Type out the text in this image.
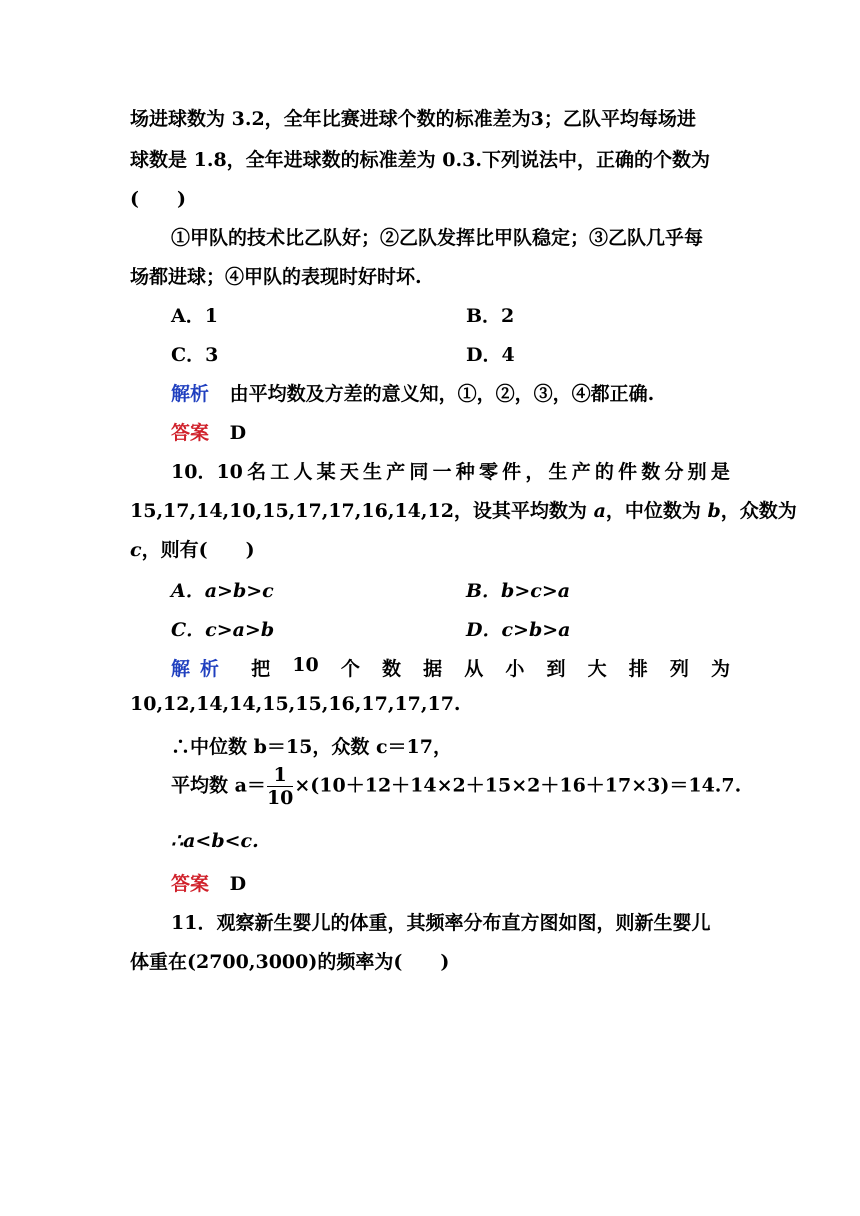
场进球数为 3.2，全年比赛进球个数的标准差为3；乙队平均每场进
球数是 1.8，全年进球数的标准差为 0.3.下列说法中，正确的个数为
(　　)
①甲队的技术比乙队好；②乙队发挥比甲队稳定；③乙队几乎每
场都进球；④甲队的表现时好时坏.
A．1	B．2
C．3	D．4
解析 由平均数及方差的意义知，①，②，③，④都正确.
答案 D
10．10 名 工 人 某 天 生 产 同 一 种 零 件 ， 生 产 的 件 数 分 别 是
15,17,14,10,15,17,17,16,14,12，设其平均数为 a，中位数为 b，众数为
c，则有(　　)
A．a>b>c	B．b>c>a
C．c>a>b	D．c>b>a
解析 把 10 个 数 据 从 小 到 大 排 列 为
10,12,14,14,15,15,16,17,17,17.
∴中位数 b＝15，众数 c＝17，
平均数 $a= \frac{1}{10} \times(10+12+14\times 2+15\times 2+16+17\times 3)=14.7$.
∴a<b<c.
答案 D
11．观察新生婴儿的体重，其频率分布直方图如图，则新生婴儿
体重在(2700,3000)的频率为(　　)
